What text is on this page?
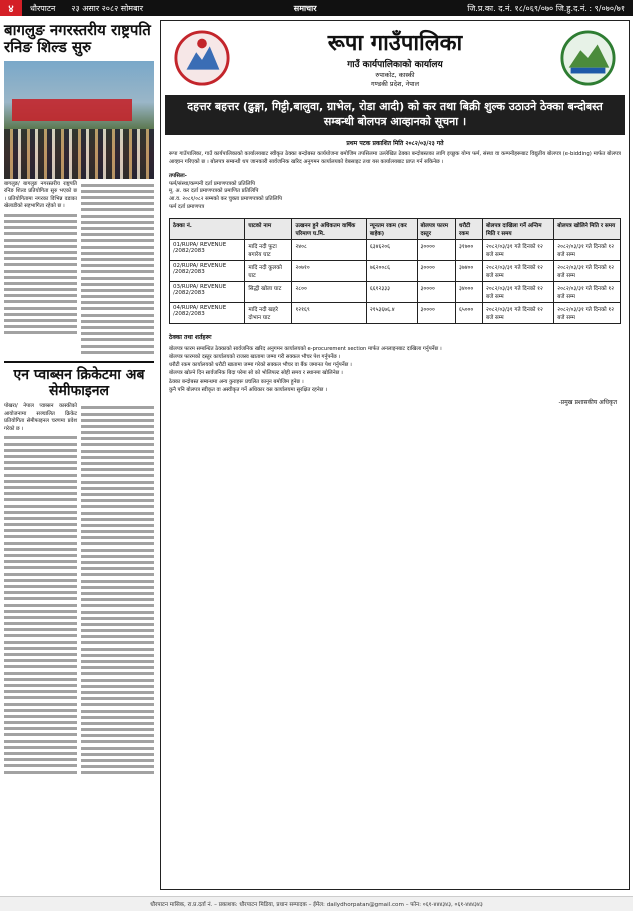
४	धौरपाटन	२३ असार २०८२ सोमबार	समाचार	जि.प्र.का. द.नं. १८/०६९/०७० जि.हु.द.नं. : ९/०७०/७१
बागलुङ नगरस्तरीय राष्ट्रपति रनिङ शिल्ड सुरु
बागलुङ/ बागलुङ नगरस्तरीय राष्ट्रपति रनिङ शिल्ड प्रतियोगिता सुरु भएको छ । प्रतियोगितामा नगरका विभिन्न वडाका खेलाडीको सहभागिता रहेको छ ।
एन प्वाब्सन क्रिकेटमा अब सेमीफाइनल
पोखरा/ नेपाल प्वाब्सन कास्कीको आयोजनामा सञ्चालित क्रिकेट प्रतियोगिता सेमीफाइनल चरणमा प्रवेश गरेको छ ।
रूपा गाउँपालिका
गाउँ कार्यपालिकाको कार्यालय
रुपाकोट, कास्की
गण्डकी प्रदेश, नेपाल
दहत्तर बहत्तर (ढुङ्गा, गिट्टी,बालुवा, ग्राभेल, रोडा आदी) को कर तथा बिक्री शुल्क उठाउने ठेक्का बन्दोबस्त सम्बन्धी बोलपत्र आव्हानको सूचना ।
प्रथम पटक प्रकाशित मिति २०८२/०३/२३ गते
रूपा गाउँपालिका, गाउँ कार्यपालिकाको कार्यालयबाट स्वीकृत ठेक्का बन्दोबस्त कार्ययोजना बमोजिम तपसिलमा उल्लेखित ठेक्का बन्दोबस्तका लागि इच्छुक योग्य फर्म, संस्था वा कम्पनीहरूबाट विद्युतीय बोलपत्र (e-bidding) मार्फत बोलपत्र आव्हान गरिएको छ । बोलपत्र सम्बन्धी थप जानकारी सार्वजनिक खरिद अनुगमन कार्यालयको वेबसाइट तथा यस कार्यालयबाट प्राप्त गर्न सकिनेछ ।
तपसिलः-
फर्म/संस्था/कम्पनी दर्ता प्रमाणपत्रको प्रतिलिपि
मू. अ. कर दर्ता प्रमाणपत्रको प्रमाणित प्रतिलिपि
आ.व. २०८१/०८२ सम्मको कर चुक्ता प्रमाणपत्रको प्रतिलिपि
फर्म दर्ता प्रमाणपत्र
ठेक्का नं.	घाटको नाम	उत्खनन हुने अधिकतम वार्षिक परिमाण घ.मि.	न्यूनतम रकम (कर बाहेक)	बोलपत्र फारम दस्तुर	धरौटी रकम	बोलपत्र दाखिला गर्ने अन्तिम मिति र समय	बोलपत्र खोलिने मिति र समय
01/RUPA/ REVENUE /2082/2083	मादि नदी फुटा बगारेय घाट	२४०८	६३४६२०६	३००००	३१७००	२०८२/०३/३१ गते दिनको १२ बजे सम्म	२०८२/०३/३१ गते दिनको १२ बजे सम्म
02/RUPA/ REVENUE /2082/2083	मादि नदी कुलको घाट	२०७१०	७६२००८६	३००००	३७४००	२०८२/०३/३१ गते दिनको १२ बजे सम्म	२०८२/०३/३१ गते दिनको १२ बजे सम्म
03/RUPA/ REVENUE /2082/2083	सिद्धी खोला घाट	२८००	६६१२३३३	३००००	३४०००	२०८२/०३/३१ गते दिनको १२ बजे सम्म	२०८२/०३/३१ गते दिनको १२ बजे सम्म
04/RUPA/ REVENUE /2082/2083	मादि नदी खहरे दोभान घाट	१२१६९	२१५३६७६.४	३००००	६५०००	२०८२/०३/३१ गते दिनको १२ बजे सम्म	२०८२/०३/३१ गते दिनको १२ बजे सम्म
ठेक्का तथा शर्तहरूः
बोलपत्र फारम सम्बन्धित ठेक्काको सार्वजनिक खरिद अनुगमन कार्यालयको e-procurement section मार्फत अनलाइनबाट दाखिला गर्नुपर्नेछ ।
बोलपत्र फारमको दस्तुर कार्यालयको राजस्व खातामा जम्मा गरी सक्कल भौचर पेश गर्नुपर्नेछ ।
धरौटी रकम कार्यालयको धरौटी खातामा जम्मा गरेको सक्कल भौचर वा बैंक जमानत पेश गर्नुपर्नेछ ।
बोलपत्र खोल्ने दिन सार्वजनिक बिदा परेमा सो को भोलिपल्ट सोही समय र स्थानमा खोलिनेछ ।
ठेक्का बन्दोबस्त सम्बन्धमा अन्य कुराहरू प्रचलित कानून बमोजिम हुनेछ ।
कुनै पनि बोलपत्र स्वीकृत वा अस्वीकृत गर्ने अधिकार यस कार्यालयमा सुरक्षित रहनेछ ।
-प्रमुख प्रशासकीय अधिकृत
धौरपाटन मासिक, रा.प्र.दर्ता नं. – प्रकाशक: धौरपाटन मिडिया, प्रधान सम्पादक – ईमेल: dailydhorpatan@gmail.com – फोन: ०६१-४४४३४३, ०६१-४४४३४३
